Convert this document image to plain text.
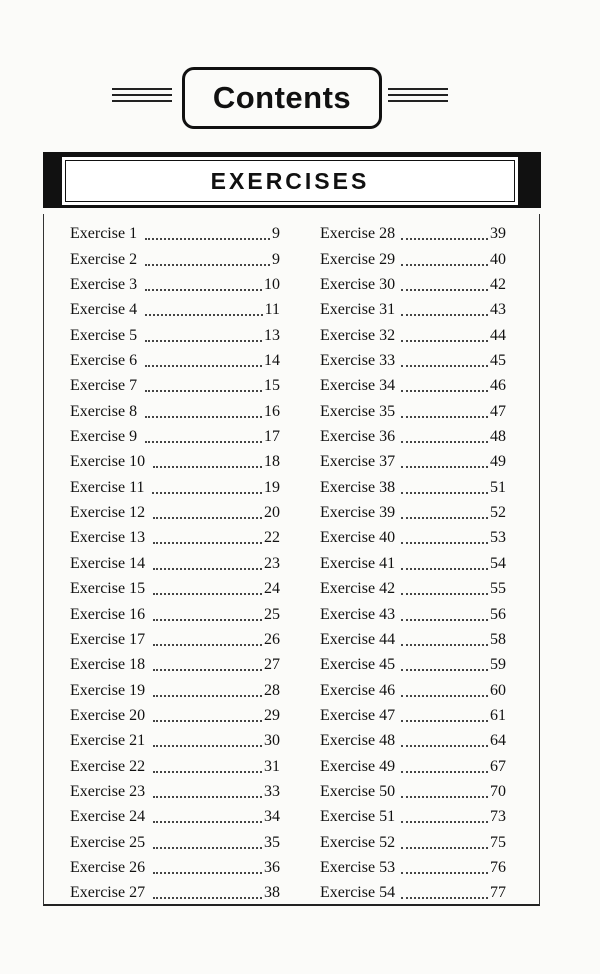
Contents
EXERCISES
Exercise 1	9
Exercise 2	9
Exercise 3	10
Exercise 4	11
Exercise 5	13
Exercise 6	14
Exercise 7	15
Exercise 8	16
Exercise 9	17
Exercise 10	18
Exercise 11	19
Exercise 12	20
Exercise 13	22
Exercise 14	23
Exercise 15	24
Exercise 16	25
Exercise 17	26
Exercise 18	27
Exercise 19	28
Exercise 20	29
Exercise 21	30
Exercise 22	31
Exercise 23	33
Exercise 24	34
Exercise 25	35
Exercise 26	36
Exercise 27	38
Exercise 28	39
Exercise 29	40
Exercise 30	42
Exercise 31	43
Exercise 32	44
Exercise 33	45
Exercise 34	46
Exercise 35	47
Exercise 36	48
Exercise 37	49
Exercise 38	51
Exercise 39	52
Exercise 40	53
Exercise 41	54
Exercise 42	55
Exercise 43	56
Exercise 44	58
Exercise 45	59
Exercise 46	60
Exercise 47	61
Exercise 48	64
Exercise 49	67
Exercise 50	70
Exercise 51	73
Exercise 52	75
Exercise 53	76
Exercise 54	77
